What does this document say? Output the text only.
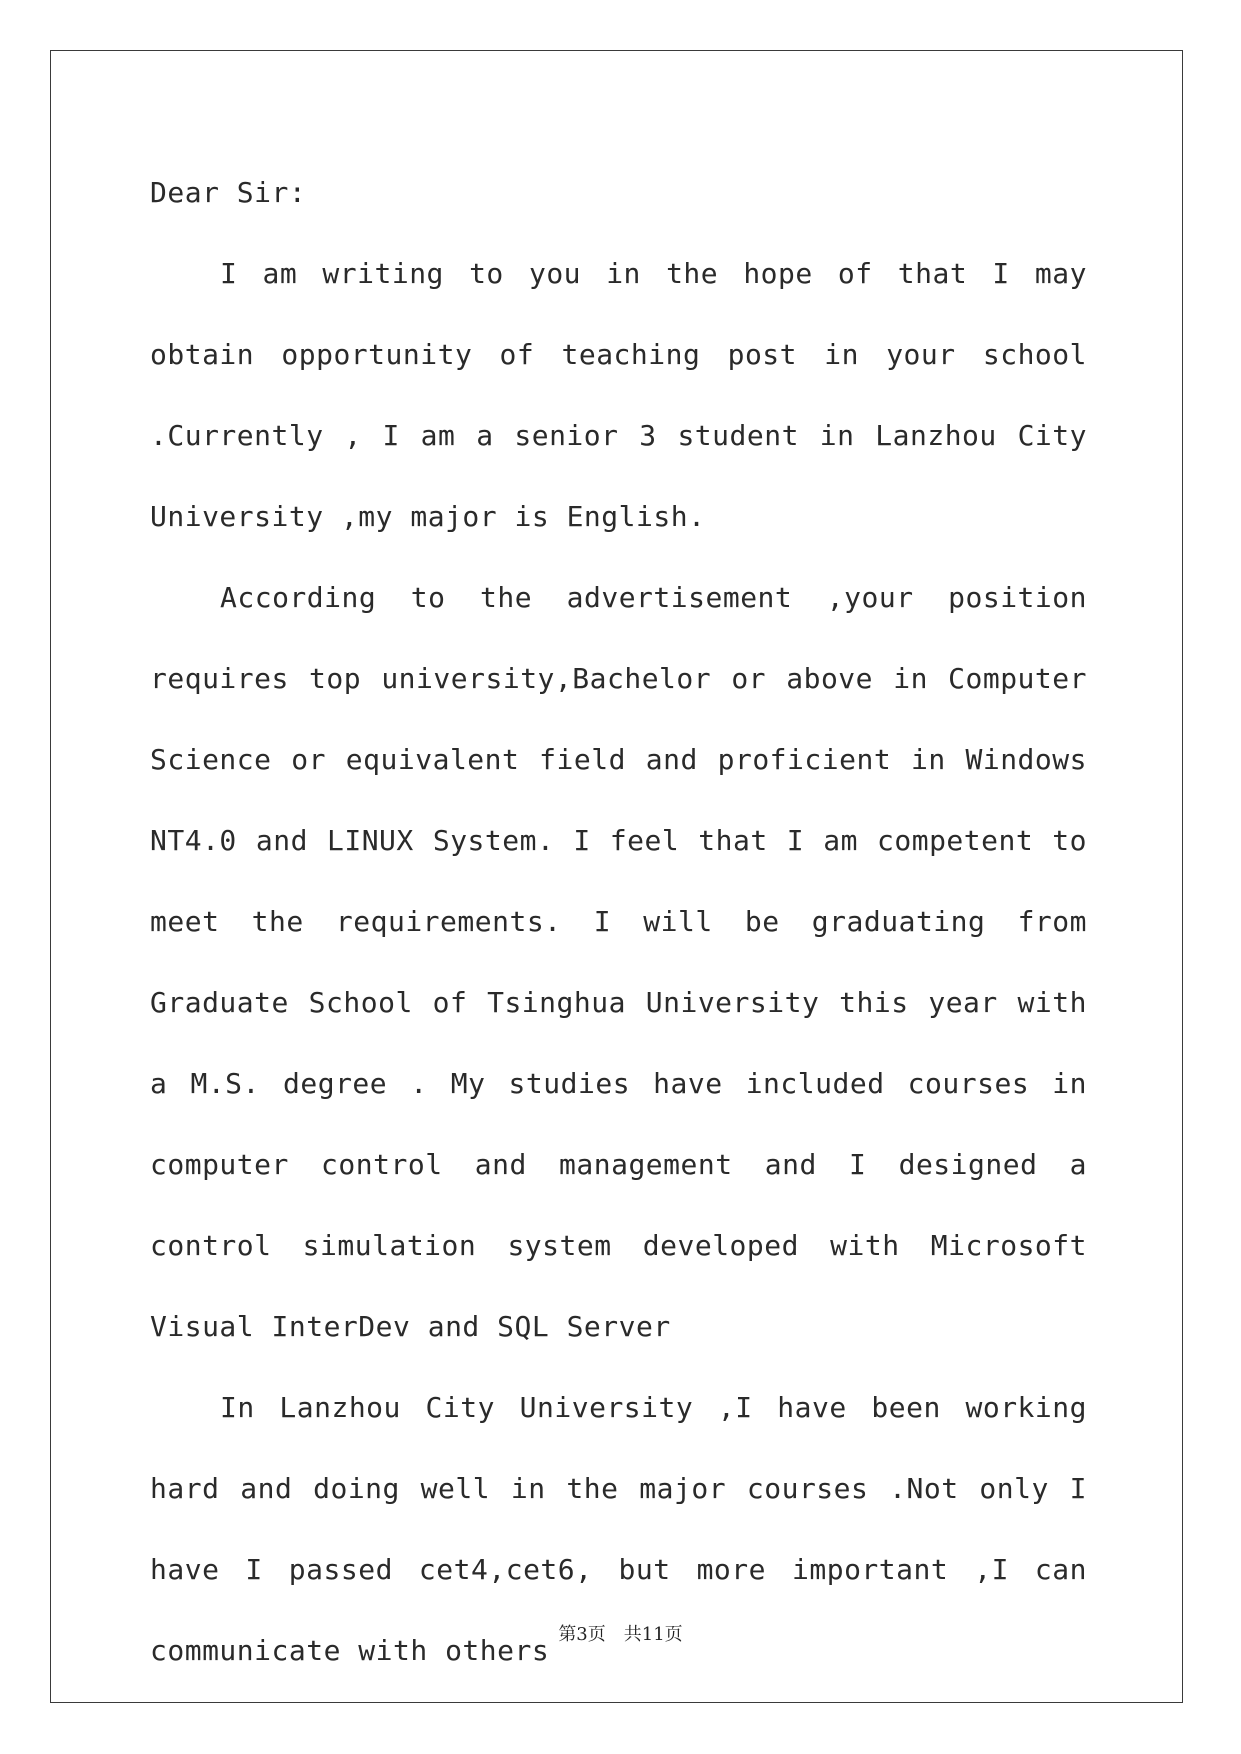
Dear Sir:

I am writing to you in the hope of that I may obtain opportunity of teaching post in your school .Currently , I am a senior 3 student in Lanzhou City University ,my major is English.

According to the advertisement ,your position requires top university,Bachelor or above in Computer Science or equivalent field and proficient in Windows NT4.0 and LINUX System. I feel that I am competent to meet the requirements. I will be graduating from Graduate School of Tsinghua University this year with a M.S. degree . My studies have included courses in computer control and management and I designed a control simulation system developed with Microsoft Visual InterDev and SQL Server

In Lanzhou City University ,I have been working hard and doing well in the major courses .Not only I have I passed cet4,cet6, but more important ,I can communicate with others 第3页 共11页
